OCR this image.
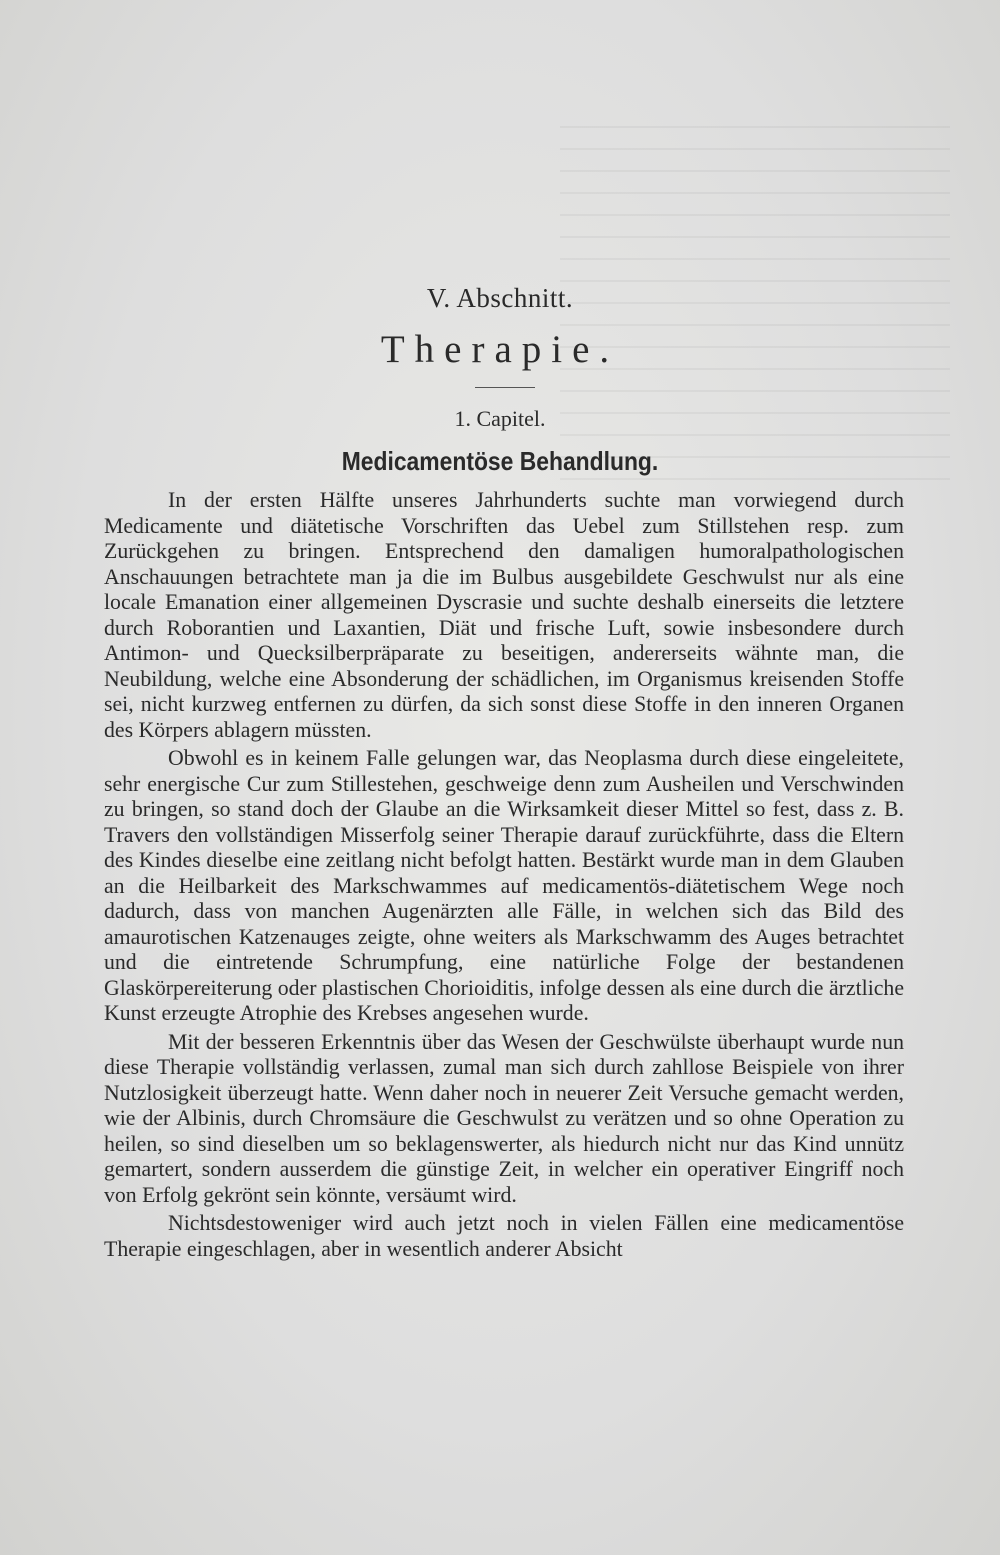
V. Abschnitt.
Therapie.
1. Capitel.
Medicamentöse Behandlung.

In der ersten Hälfte unseres Jahrhunderts suchte man vorwiegend durch Medicamente und diätetische Vorschriften das Uebel zum Stillstehen resp. zum Zurückgehen zu bringen. Entsprechend den damaligen humoralpathologischen Anschauungen betrachtete man ja die im Bulbus ausgebildete Geschwulst nur als eine locale Emanation einer allgemeinen Dyscrasie und suchte deshalb einerseits die letztere durch Roborantien und Laxantien, Diät und frische Luft, sowie insbesondere durch Antimon- und Quecksilberpräparate zu beseitigen, andererseits wähnte man, die Neubildung, welche eine Absonderung der schädlichen, im Organismus kreisenden Stoffe sei, nicht kurzweg entfernen zu dürfen, da sich sonst diese Stoffe in den inneren Organen des Körpers ablagern müssten.

Obwohl es in keinem Falle gelungen war, das Neoplasma durch diese eingeleitete, sehr energische Cur zum Stillestehen, geschweige denn zum Ausheilen und Verschwinden zu bringen, so stand doch der Glaube an die Wirksamkeit dieser Mittel so fest, dass z. B. Travers den vollständigen Misserfolg seiner Therapie darauf zurückführte, dass die Eltern des Kindes dieselbe eine zeitlang nicht befolgt hatten. Bestärkt wurde man in dem Glauben an die Heilbarkeit des Markschwammes auf medicamentös-diätetischem Wege noch dadurch, dass von manchen Augenärzten alle Fälle, in welchen sich das Bild des amaurotischen Katzenauges zeigte, ohne weiters als Markschwamm des Auges betrachtet und die eintretende Schrumpfung, eine natürliche Folge der bestandenen Glaskörpereiterung oder plastischen Chorioiditis, infolge dessen als eine durch die ärztliche Kunst erzeugte Atrophie des Krebses angesehen wurde.

Mit der besseren Erkenntnis über das Wesen der Geschwülste überhaupt wurde nun diese Therapie vollständig verlassen, zumal man sich durch zahllose Beispiele von ihrer Nutzlosigkeit überzeugt hatte. Wenn daher noch in neuerer Zeit Versuche gemacht werden, wie der Albinis, durch Chromsäure die Geschwulst zu verätzen und so ohne Operation zu heilen, so sind dieselben um so beklagenswerter, als hiedurch nicht nur das Kind unnütz gemartert, sondern ausserdem die günstige Zeit, in welcher ein operativer Eingriff noch von Erfolg gekrönt sein könnte, versäumt wird.

Nichtsdestoweniger wird auch jetzt noch in vielen Fällen eine medicamentöse Therapie eingeschlagen, aber in wesentlich anderer Absicht
